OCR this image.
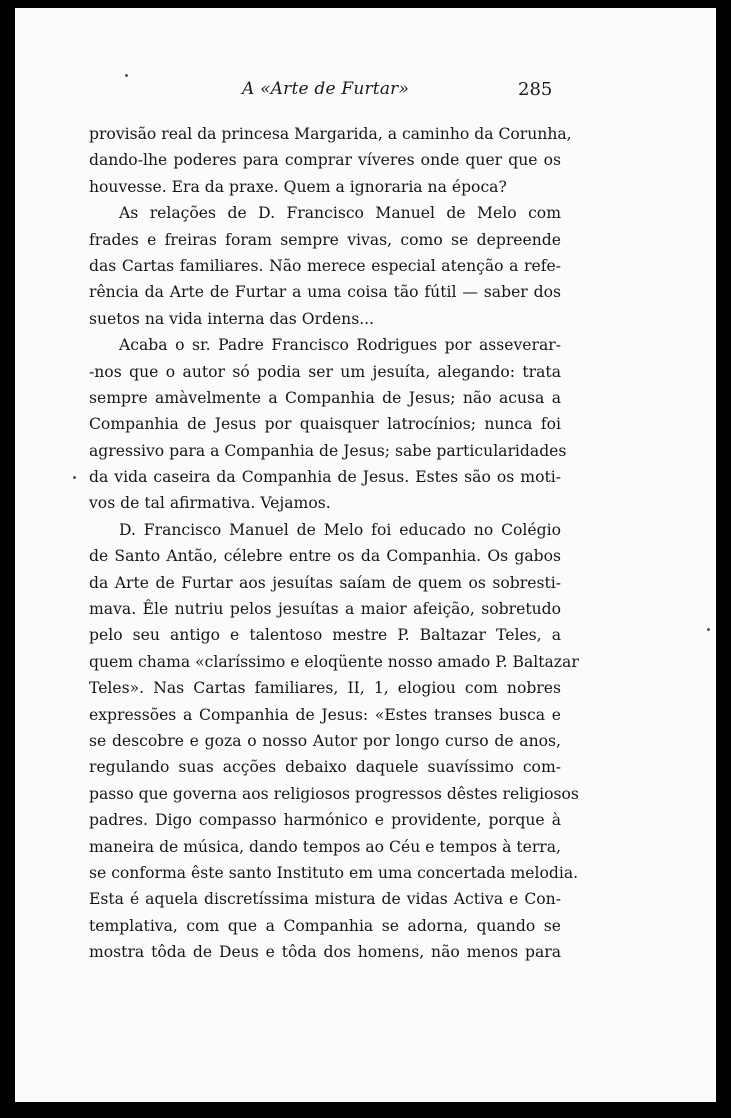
A «Arte de Furtar»	285
provisão real da princesa Margarida, a caminho da Corunha,
dando-lhe poderes para comprar víveres onde quer que os
houvesse. Era da praxe. Quem a ignoraria na época?
As relações de D. Francisco Manuel de Melo com
frades e freiras foram sempre vivas, como se depreende
das Cartas familiares. Não merece especial atenção a refe-
rência da Arte de Furtar a uma coisa tão fútil — saber dos
suetos na vida interna das Ordens...
Acaba o sr. Padre Francisco Rodrigues por asseverar-
-nos que o autor só podia ser um jesuíta, alegando: trata
sempre amàvelmente a Companhia de Jesus; não acusa a
Companhia de Jesus por quaisquer latrocínios; nunca foi
agressivo para a Companhia de Jesus; sabe particularidades
da vida caseira da Companhia de Jesus. Estes são os moti-
vos de tal afirmativa. Vejamos.
D. Francisco Manuel de Melo foi educado no Colégio
de Santo Antão, célebre entre os da Companhia. Os gabos
da Arte de Furtar aos jesuítas saíam de quem os sobresti-
mava. Êle nutriu pelos jesuítas a maior afeição, sobretudo
pelo seu antigo e talentoso mestre P. Baltazar Teles, a
quem chama «claríssimo e eloqüente nosso amado P. Baltazar
Teles». Nas Cartas familiares, II, 1, elogiou com nobres
expressões a Companhia de Jesus: «Estes transes busca e
se descobre e goza o nosso Autor por longo curso de anos,
regulando suas acções debaixo daquele suavíssimo com-
passo que governa aos religiosos progressos dêstes religiosos
padres. Digo compasso harmónico e providente, porque à
maneira de música, dando tempos ao Céu e tempos à terra,
se conforma êste santo Instituto em uma concertada melodia.
Esta é aquela discretíssima mistura de vidas Activa e Con-
templativa, com que a Companhia se adorna, quando se
mostra tôda de Deus e tôda dos homens, não menos para
